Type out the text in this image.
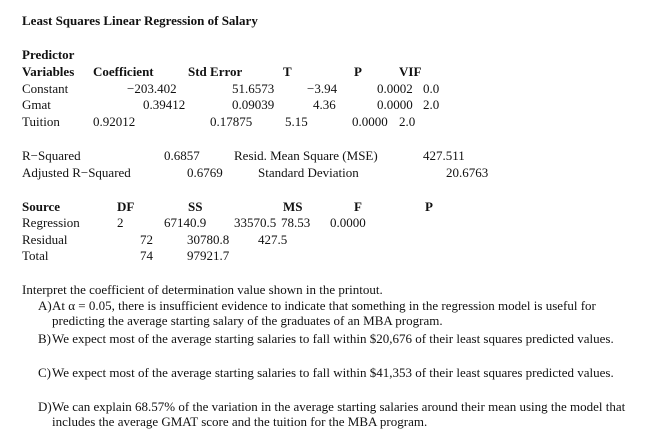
Least Squares Linear Regression of Salary
Predictor
Variables Coefficient	Std Error	T	P	VIF
Constant	−203.402	51.6573	−3.94	0.0002 0.0
Gmat	0.39412	0.09039	4.36	0.0000 2.0
Tuition	0.92012	0.17875	5.15	0.0000 2.0
R−Squared	0.6857	Resid. Mean Square (MSE)	427.511
Adjusted R−Squared	0.6769	Standard Deviation	20.6763
Source	DF	SS	MS	F	P
Regression	2	67140.9 33570.5 78.53 0.0000
Residual	72	30780.8 427.5
Total	74	97921.7
Interpret the coefficient of determination value shown in the printout.
A) At α = 0.05, there is insufficient evidence to indicate that something in the regression model is useful for predicting the average starting salary of the graduates of an MBA program.
B) We expect most of the average starting salaries to fall within $20,676 of their least squares predicted values.
C) We expect most of the average starting salaries to fall within $41,353 of their least squares predicted values.
D) We can explain 68.57% of the variation in the average starting salaries around their mean using the model that includes the average GMAT score and the tuition for the MBA program.
